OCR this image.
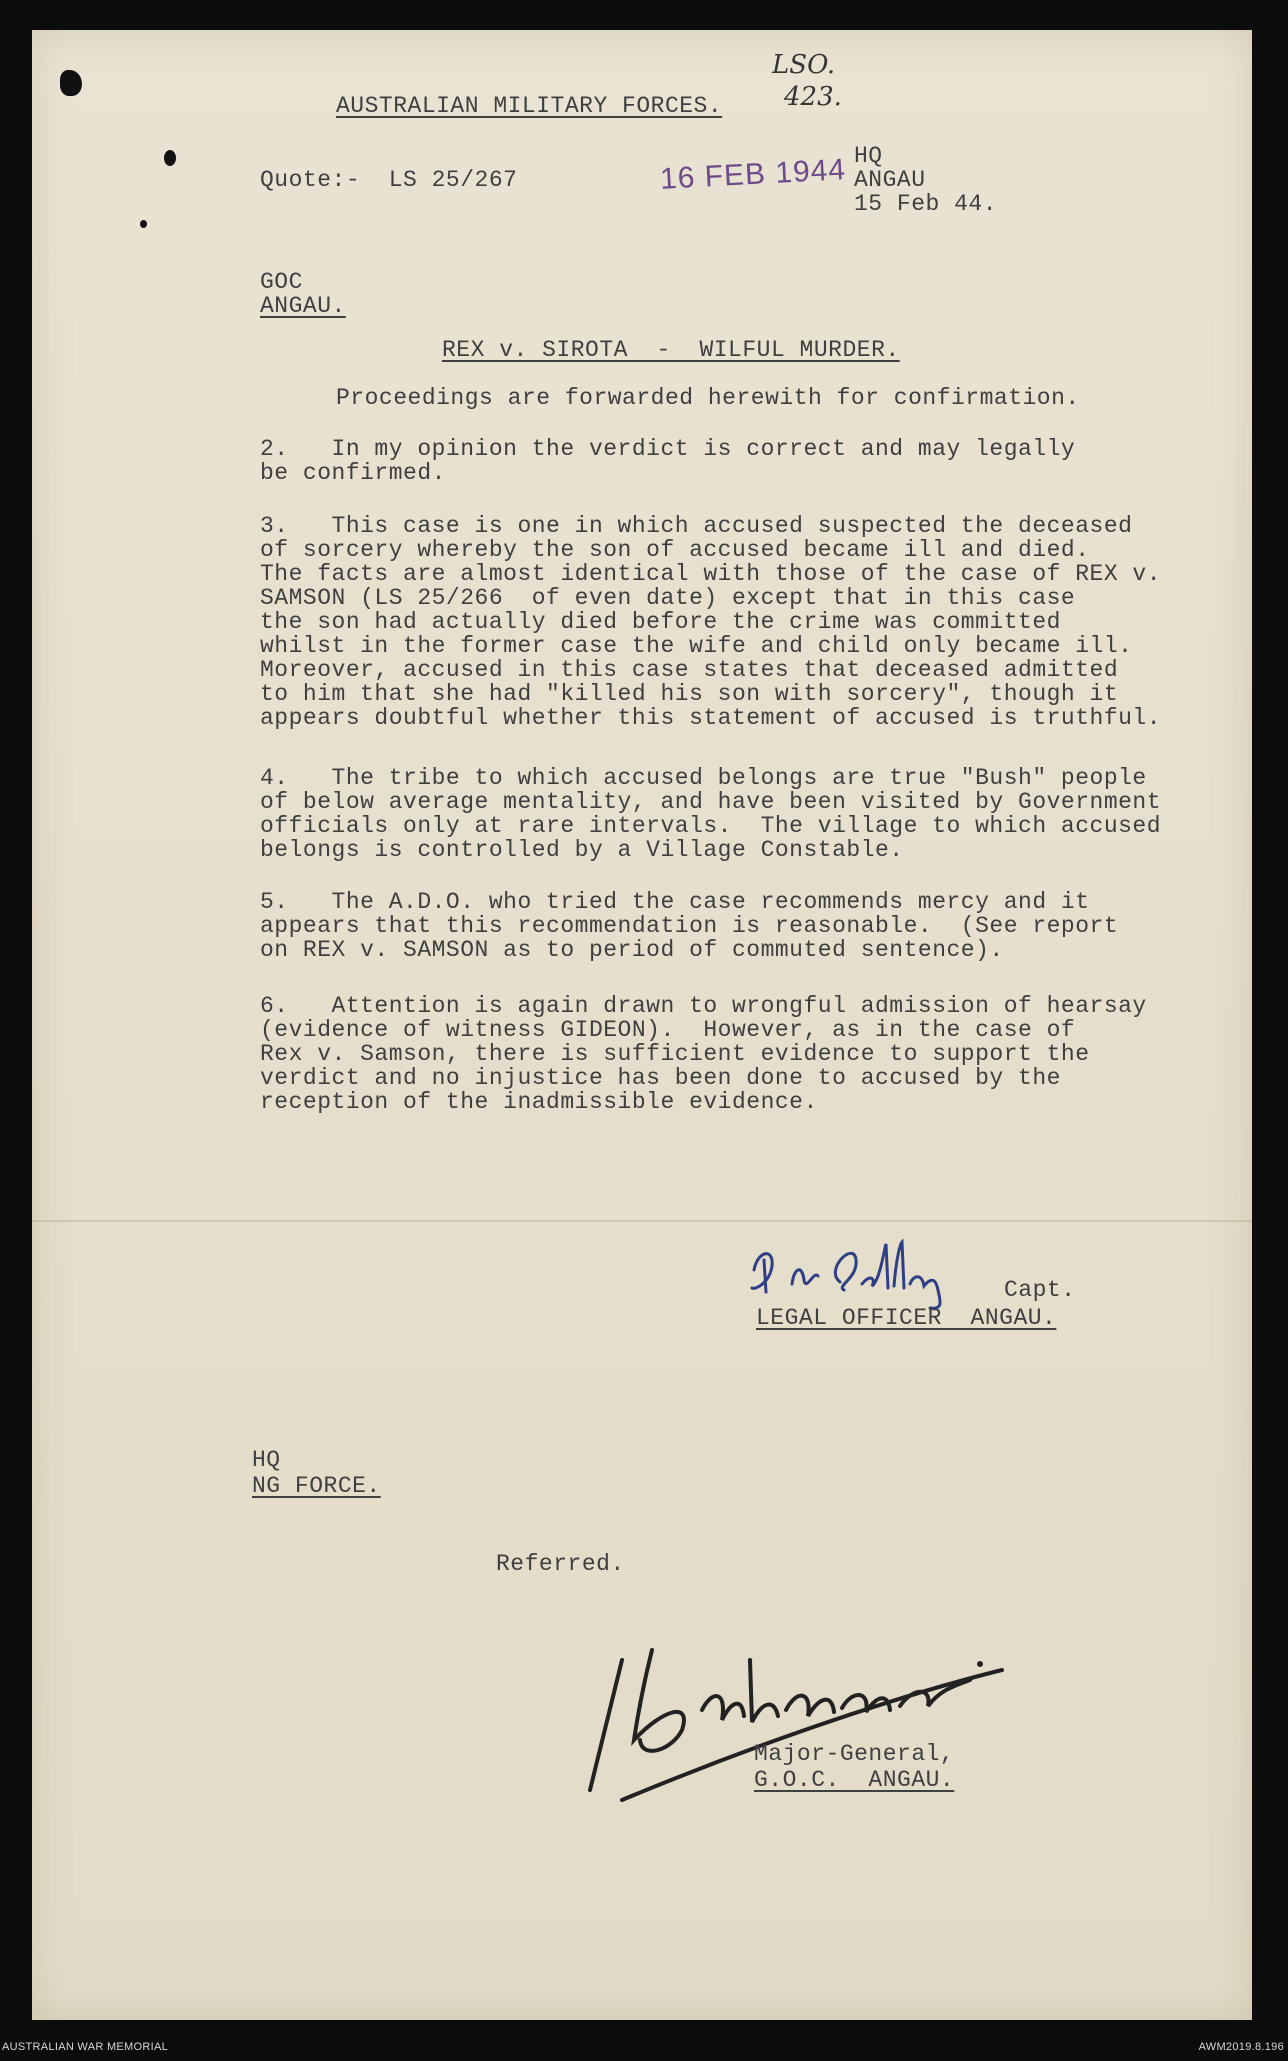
LSO.
423.
AUSTRALIAN MILITARY FORCES.
Quote:-  LS 25/267	16 FEB 1944 HQ
ANGAU
15 Feb 44.
GOC
ANGAU.
REX v. SIROTA  -  WILFUL MURDER.
Proceedings are forwarded herewith for confirmation.
2.   In my opinion the verdict is correct and may legally
be confirmed.
3.   This case is one in which accused suspected the deceased
of sorcery whereby the son of accused became ill and died.
The facts are almost identical with those of the case of REX v.
SAMSON (LS 25/266  of even date) except that in this case
the son had actually died before the crime was committed
whilst in the former case the wife and child only became ill.
Moreover, accused in this case states that deceased admitted
to him that she had "killed his son with sorcery", though it
appears doubtful whether this statement of accused is truthful.
4.   The tribe to which accused belongs are true "Bush" people
of below average mentality, and have been visited by Government
officials only at rare intervals.  The village to which accused
belongs is controlled by a Village Constable.
5.   The A.D.O. who tried the case recommends mercy and it
appears that this recommendation is reasonable.  (See report
on REX v. SAMSON as to period of commuted sentence).
6.   Attention is again drawn to wrongful admission of hearsay
(evidence of witness GIDEON).  However, as in the case of
Rex v. Samson, there is sufficient evidence to support the
verdict and no injustice has been done to accused by the
reception of the inadmissible evidence.
Capt.
LEGAL OFFICER  ANGAU.
HQ
NG FORCE.
Referred.
Major-General,
G.O.C.  ANGAU.
AUSTRALIAN WAR MEMORIAL	AWM2019.8.196
